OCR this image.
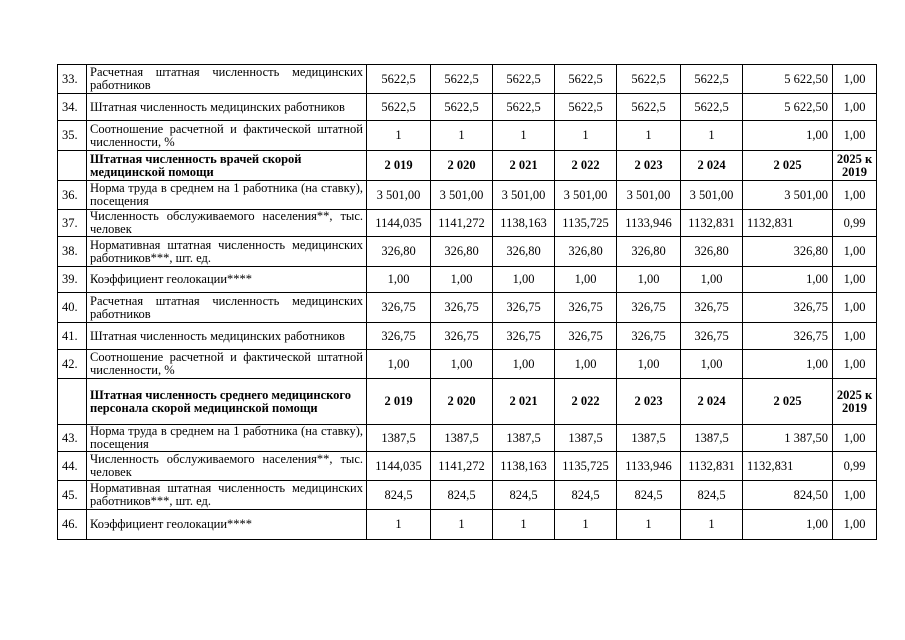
33.	Расчетная штатная численность медицинских работников	5622,5	5622,5	5622,5	5622,5	5622,5	5622,5	5 622,50	1,00
34.	Штатная численность медицинских работников	5622,5	5622,5	5622,5	5622,5	5622,5	5622,5	5 622,50	1,00
35.	Соотношение расчетной и фактической штатной численности, %	1	1	1	1	1	1	1,00	1,00
	Штатная численность врачей скорой медицинской помощи	2 019	2 020	2 021	2 022	2 023	2 024	2 025	2025 к 2019
36.	Норма труда в среднем на 1 работника (на ставку), посещения	3 501,00	3 501,00	3 501,00	3 501,00	3 501,00	3 501,00	3 501,00	1,00
37.	Численность обслуживаемого населения**, тыс. человек	1144,035	1141,272	1138,163	1135,725	1133,946	1132,831	1132,831	0,99
38.	Нормативная штатная численность медицинских работников***, шт. ед.	326,80	326,80	326,80	326,80	326,80	326,80	326,80	1,00
39.	Коэффициент геолокации****	1,00	1,00	1,00	1,00	1,00	1,00	1,00	1,00
40.	Расчетная штатная численность медицинских работников	326,75	326,75	326,75	326,75	326,75	326,75	326,75	1,00
41.	Штатная численность медицинских работников	326,75	326,75	326,75	326,75	326,75	326,75	326,75	1,00
42.	Соотношение расчетной и фактической штатной численности, %	1,00	1,00	1,00	1,00	1,00	1,00	1,00	1,00
	Штатная численность среднего медицинского персонала скорой медицинской помощи	2 019	2 020	2 021	2 022	2 023	2 024	2 025	2025 к 2019
43.	Норма труда в среднем на 1 работника (на ставку), посещения	1387,5	1387,5	1387,5	1387,5	1387,5	1387,5	1 387,50	1,00
44.	Численность обслуживаемого населения**, тыс. человек	1144,035	1141,272	1138,163	1135,725	1133,946	1132,831	1132,831	0,99
45.	Нормативная штатная численность медицинских работников***, шт. ед.	824,5	824,5	824,5	824,5	824,5	824,5	824,50	1,00
46.	Коэффициент геолокации****	1	1	1	1	1	1	1,00	1,00
